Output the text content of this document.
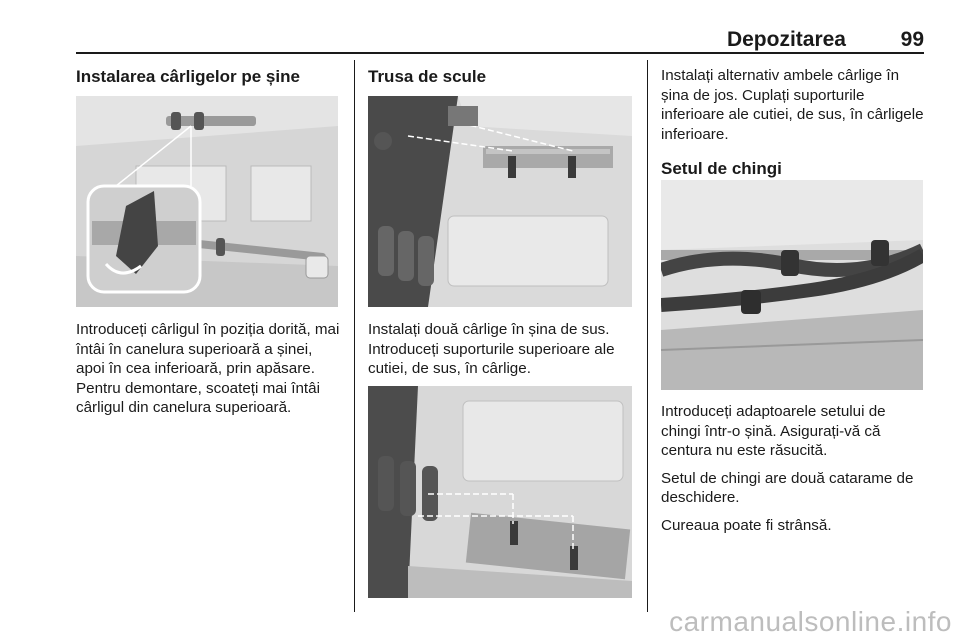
Depozitarea	99
Instalarea cârligelor pe șine

Introduceți cârligul în poziția dorită, mai întâi în canelura superioară a șinei, apoi în cea inferioară, prin apăsare. Pentru demontare, scoateți mai întâi cârligul din canelura superioară.

Trusa de scule

Instalați două cârlige în șina de sus. Introduceți suporturile superioare ale cutiei, de sus, în cârlige.

Instalați alternativ ambele cârlige în șina de jos. Cuplați suporturile inferioare ale cutiei, de sus, în cârligele inferioare.

Setul de chingi

Introduceți adaptoarele setului de chingi într-o șină. Asigurați-vă că centura nu este răsucită.

Setul de chingi are două catarame de deschidere.

Cureaua poate fi strânsă.

carmanualsonline.info
